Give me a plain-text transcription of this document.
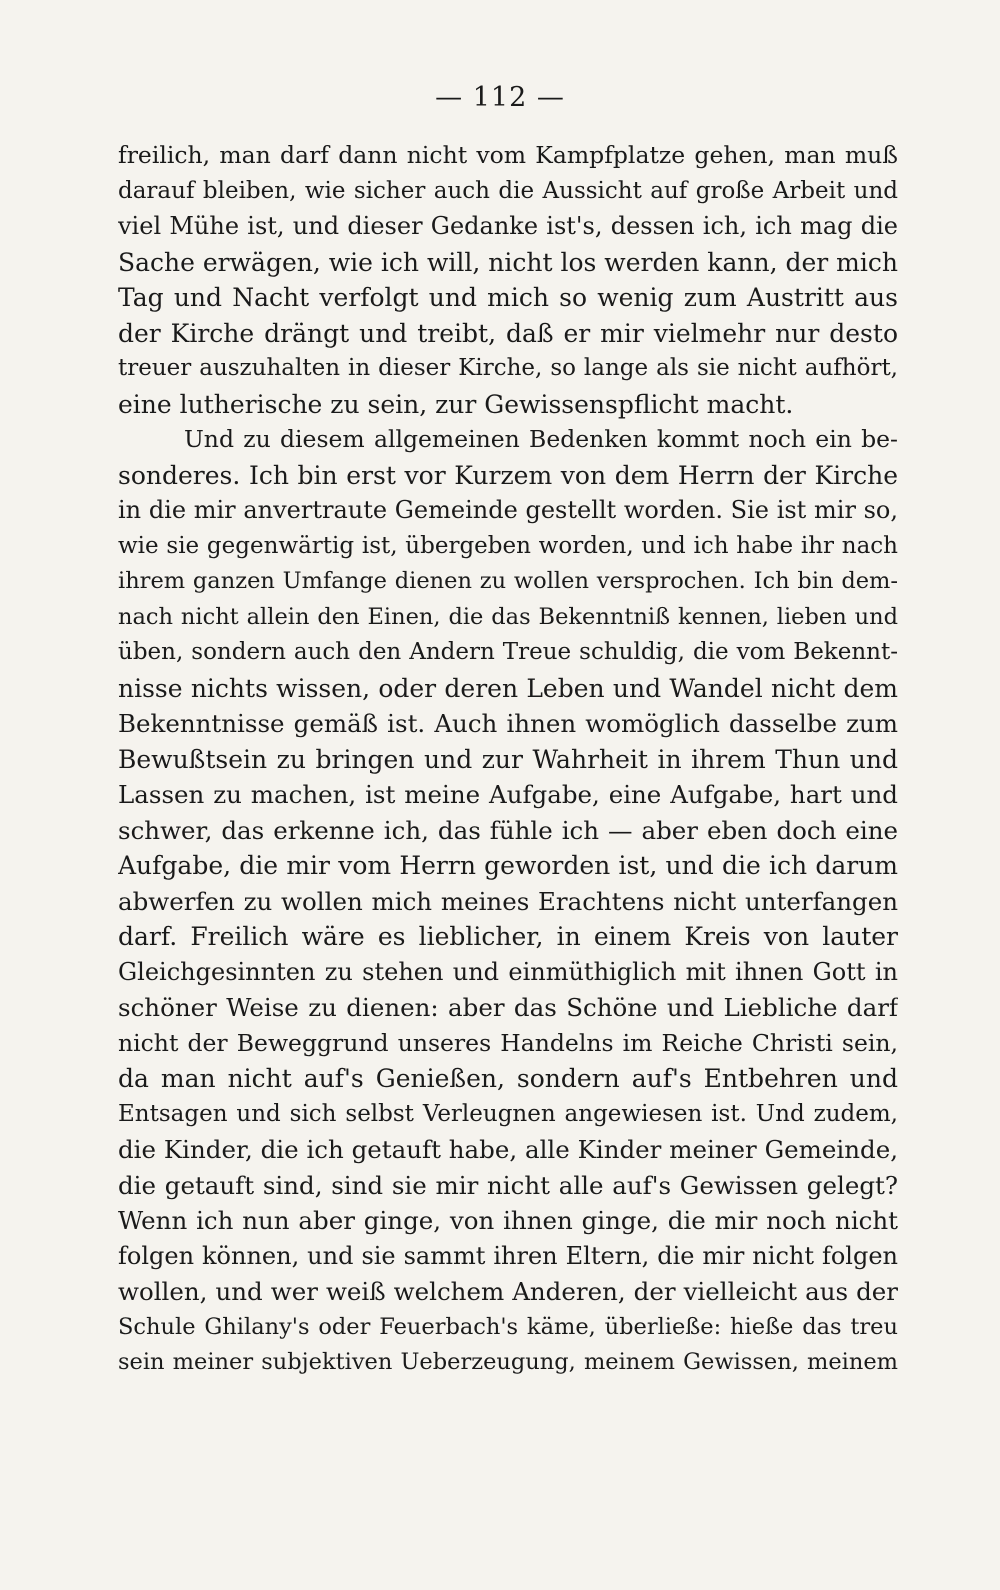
— 112 —
freilich, man darf dann nicht vom Kampfplatze gehen, man muß
darauf bleiben, wie sicher auch die Aussicht auf große Arbeit und
viel Mühe ist, und dieser Gedanke ist's, dessen ich, ich mag die
Sache erwägen, wie ich will, nicht los werden kann, der mich
Tag und Nacht verfolgt und mich so wenig zum Austritt aus
der Kirche drängt und treibt, daß er mir vielmehr nur desto
treuer auszuhalten in dieser Kirche, so lange als sie nicht aufhört,
eine lutherische zu sein, zur Gewissenspflicht macht.
Und zu diesem allgemeinen Bedenken kommt noch ein be-
sonderes. Ich bin erst vor Kurzem von dem Herrn der Kirche
in die mir anvertraute Gemeinde gestellt worden. Sie ist mir so,
wie sie gegenwärtig ist, übergeben worden, und ich habe ihr nach
ihrem ganzen Umfange dienen zu wollen versprochen. Ich bin dem-
nach nicht allein den Einen, die das Bekenntniß kennen, lieben und
üben, sondern auch den Andern Treue schuldig, die vom Bekennt-
nisse nichts wissen, oder deren Leben und Wandel nicht dem
Bekenntnisse gemäß ist. Auch ihnen womöglich dasselbe zum
Bewußtsein zu bringen und zur Wahrheit in ihrem Thun und
Lassen zu machen, ist meine Aufgabe, eine Aufgabe, hart und
schwer, das erkenne ich, das fühle ich — aber eben doch eine
Aufgabe, die mir vom Herrn geworden ist, und die ich darum
abwerfen zu wollen mich meines Erachtens nicht unterfangen
darf. Freilich wäre es lieblicher, in einem Kreis von lauter
Gleichgesinnten zu stehen und einmüthiglich mit ihnen Gott in
schöner Weise zu dienen: aber das Schöne und Liebliche darf
nicht der Beweggrund unseres Handelns im Reiche Christi sein,
da man nicht auf's Genießen, sondern auf's Entbehren und
Entsagen und sich selbst Verleugnen angewiesen ist. Und zudem,
die Kinder, die ich getauft habe, alle Kinder meiner Gemeinde,
die getauft sind, sind sie mir nicht alle auf's Gewissen gelegt?
Wenn ich nun aber ginge, von ihnen ginge, die mir noch nicht
folgen können, und sie sammt ihren Eltern, die mir nicht folgen
wollen, und wer weiß welchem Anderen, der vielleicht aus der
Schule Ghilany's oder Feuerbach's käme, überließe: hieße das treu
sein meiner subjektiven Ueberzeugung, meinem Gewissen, meinem
